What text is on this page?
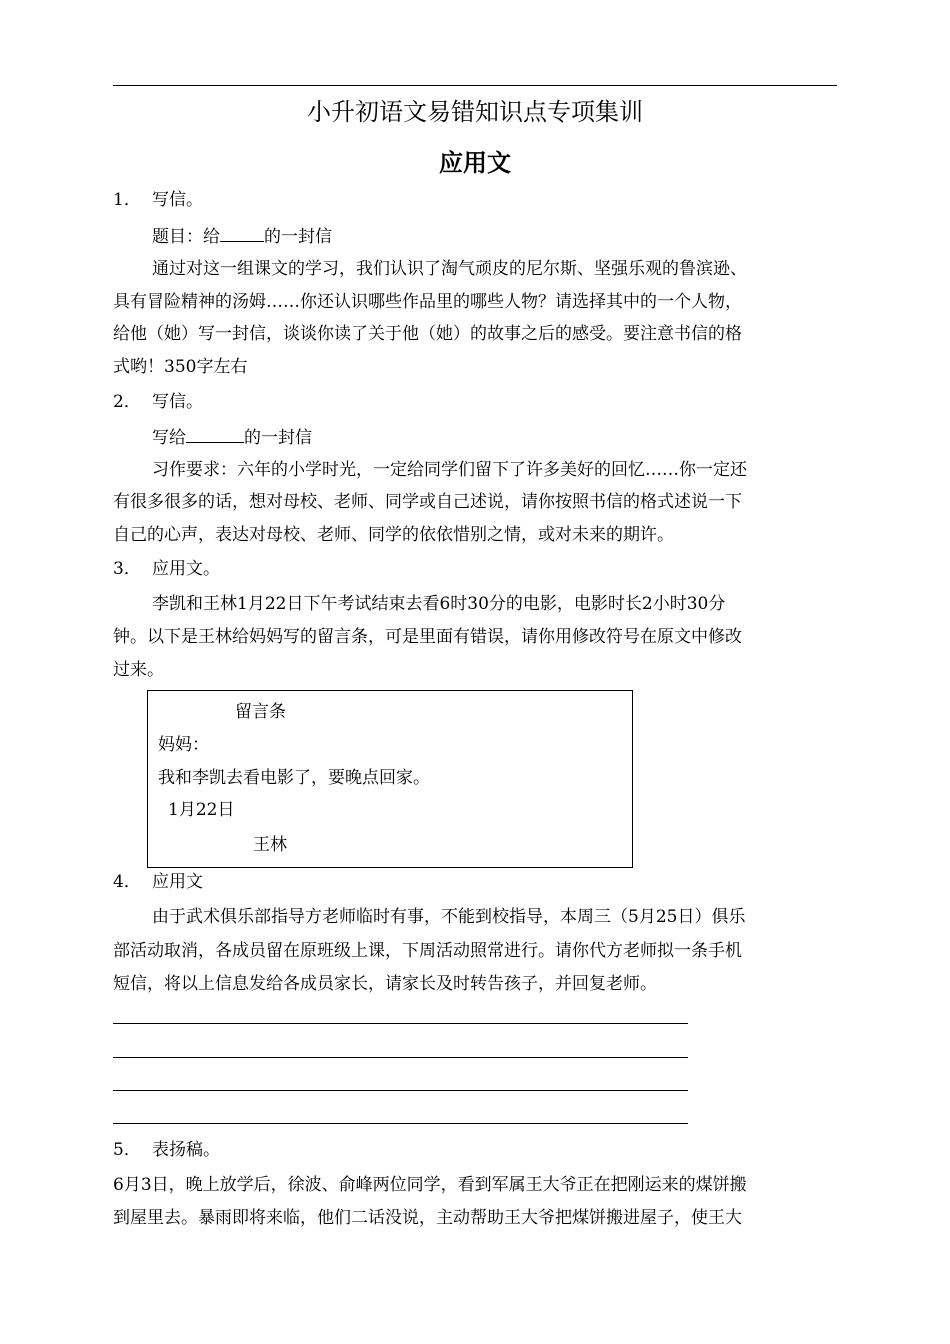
小升初语文易错知识点专项集训
应用文
1． 写信。
题目：给	的一封信
通过对这一组课文的学习，我们认识了淘气顽皮的尼尔斯、坚强乐观的鲁滨逊、
具有冒险精神的汤姆……你还认识哪些作品里的哪些人物？请选择其中的一个人物，
给他（她）写一封信，谈谈你读了关于他（她）的故事之后的感受。要注意书信的格
式哟！350字左右
2． 写信。
写给	的一封信
习作要求：六年的小学时光，一定给同学们留下了许多美好的回忆……你一定还
有很多很多的话，想对母校、老师、同学或自己述说，请你按照书信的格式述说一下
自己的心声，表达对母校、老师、同学的依依惜别之情，或对未来的期许。
3． 应用文。
李凯和王林1月22日下午考试结束去看6时30分的电影，电影时长2小时30分
钟。以下是王林给妈妈写的留言条，可是里面有错误，请你用修改符号在原文中修改
过来。
留言条
妈妈：
我和李凯去看电影了，要晚点回家。
1月22日
王林
4． 应用文
由于武术俱乐部指导方老师临时有事，不能到校指导，本周三（5月25日）俱乐
部活动取消，各成员留在原班级上课，下周活动照常进行。请你代方老师拟一条手机
短信，将以上信息发给各成员家长，请家长及时转告孩子，并回复老师。
5． 表扬稿。
6月3日，晚上放学后，徐波、俞峰两位同学，看到军属王大爷正在把刚运来的煤饼搬
到屋里去。暴雨即将来临，他们二话没说，主动帮助王大爷把煤饼搬进屋子，使王大
